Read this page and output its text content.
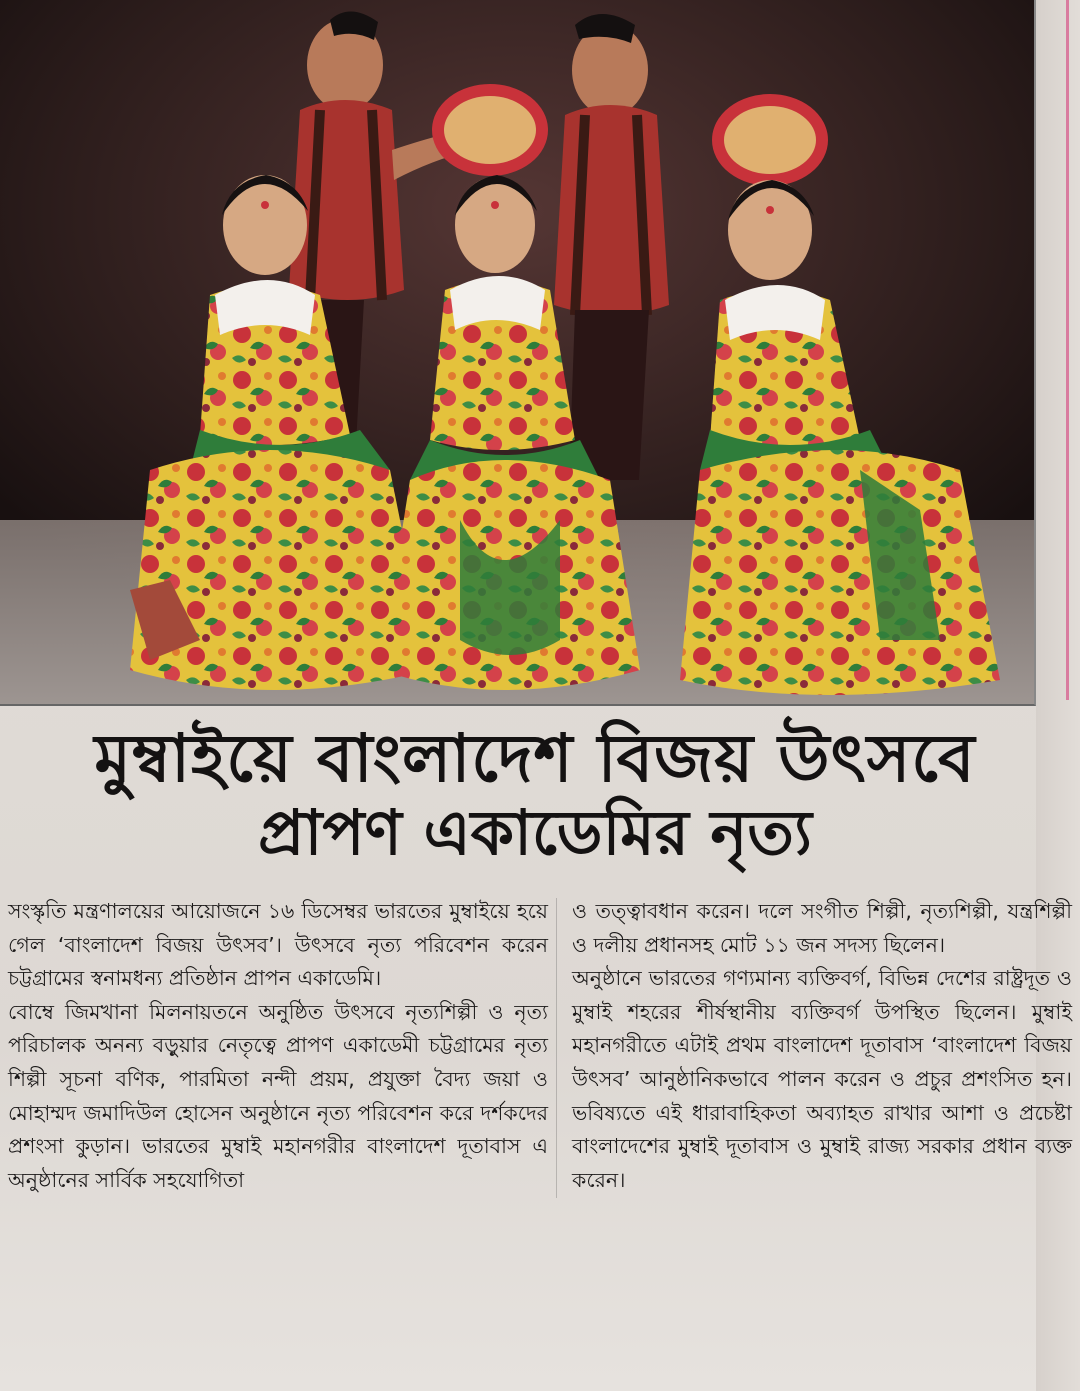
মুম্বাইয়ে বাংলাদেশ বিজয় উৎসবে
প্রাপণ একাডেমির নৃত্য

সংস্কৃতি মন্ত্রণালয়ের আয়োজনে ১৬ ডিসেম্বর ভারতের মুম্বাইয়ে হয়ে গেল ‘বাংলাদেশ বিজয় উৎসব’। উৎসবে নৃত্য পরিবেশন করেন চট্টগ্রামের স্বনামধন্য প্রতিষ্ঠান প্রাপন একাডেমি।

বোম্বে জিমখানা মিলনায়তনে অনুষ্ঠিত উৎসবে নৃত্যশিল্পী ও নৃত্য পরিচালক অনন্য বড়ুয়ার নেতৃত্বে প্রাপণ একাডেমী চট্টগ্রামের নৃত্য শিল্পী সূচনা বণিক, পারমিতা নন্দী প্রয়ম, প্রযুক্তা বৈদ্য জয়া ও মোহাম্মদ জমাদিউল হোসেন অনুষ্ঠানে নৃত্য পরিবেশন করে দর্শকদের প্রশংসা কুড়ান। ভারতের মুম্বাই মহানগরীর বাংলাদেশ দূতাবাস এ অনুষ্ঠানের সার্বিক সহযোগিতা

ও তত্ত্বাবধান করেন। দলে সংগীত শিল্পী, নৃত্যশিল্পী, যন্ত্রশিল্পী ও দলীয় প্রধানসহ মোট ১১ জন সদস্য ছিলেন।

অনুষ্ঠানে ভারতের গণ্যমান্য ব্যক্তিবর্গ, বিভিন্ন দেশের রাষ্ট্রদূত ও মুম্বাই শহরের শীর্ষস্থানীয় ব্যক্তিবর্গ উপস্থিত ছিলেন। মুম্বাই মহানগরীতে এটাই প্রথম বাংলাদেশ দূতাবাস ‘বাংলাদেশ বিজয় উৎসব’ আনুষ্ঠানিকভাবে পালন করেন ও প্রচুর প্রশংসিত হন। ভবিষ্যতে এই ধারাবাহিকতা অব্যাহত রাখার আশা ও প্রচেষ্টা বাংলাদেশের মুম্বাই দূতাবাস ও মুম্বাই রাজ্য সরকার প্রধান ব্যক্ত করেন।
